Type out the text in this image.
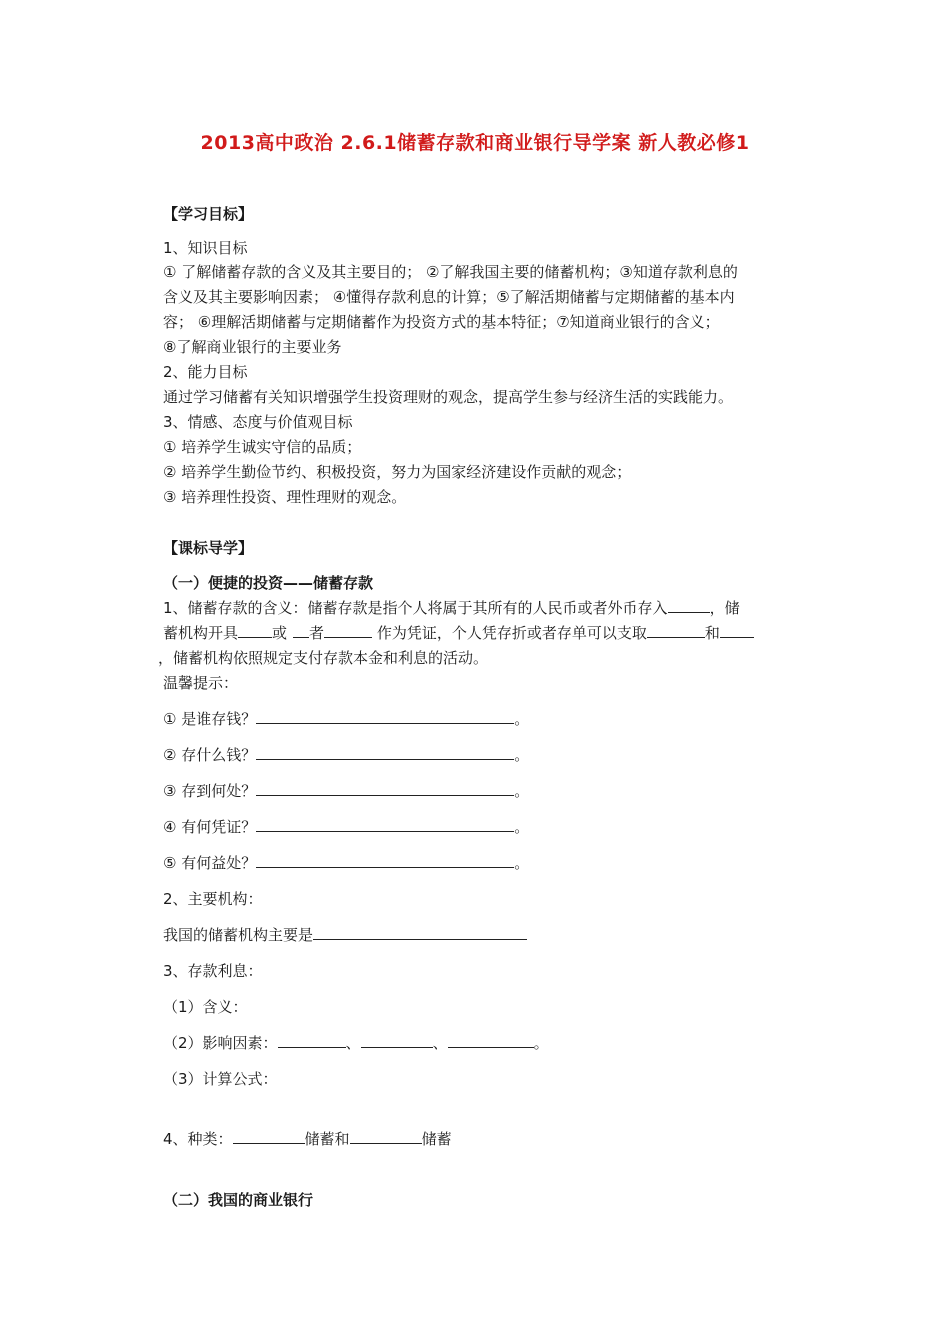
2013高中政治 2.6.1储蓄存款和商业银行导学案 新人教必修1
【学习目标】
1、知识目标
① 了解储蓄存款的含义及其主要目的； ②了解我国主要的储蓄机构；③知道存款利息的
含义及其主要影响因素； ④懂得存款利息的计算；⑤了解活期储蓄与定期储蓄的基本内
容； ⑥理解活期储蓄与定期储蓄作为投资方式的基本特征；⑦知道商业银行的含义；
⑧了解商业银行的主要业务
2、能力目标
通过学习储蓄有关知识增强学生投资理财的观念，提高学生参与经济生活的实践能力。
3、情感、态度与价值观目标
① 培养学生诚实守信的品质；
② 培养学生勤俭节约、积极投资，努力为国家经济建设作贡献的观念；
③ 培养理性投资、理性理财的观念。
【课标导学】
（一）便捷的投资——储蓄存款
1、储蓄存款的含义：储蓄存款是指个人将属于其所有的人民币或者外币存入	，储
蓄机构开具 或 者	作为凭证，个人凭存折或者存单可以支取	和
，储蓄机构依照规定支付存款本金和利息的活动。
温馨提示：
① 是谁存钱？	。
② 存什么钱？	。
③ 存到何处？	。
④ 有何凭证？	。
⑤ 有何益处？	。
2、主要机构：
我国的储蓄机构主要是
3、存款利息：
（1）含义：
（2）影响因素：	、	、	。
（3）计算公式：
4、种类：	储蓄和	储蓄
（二）我国的商业银行
